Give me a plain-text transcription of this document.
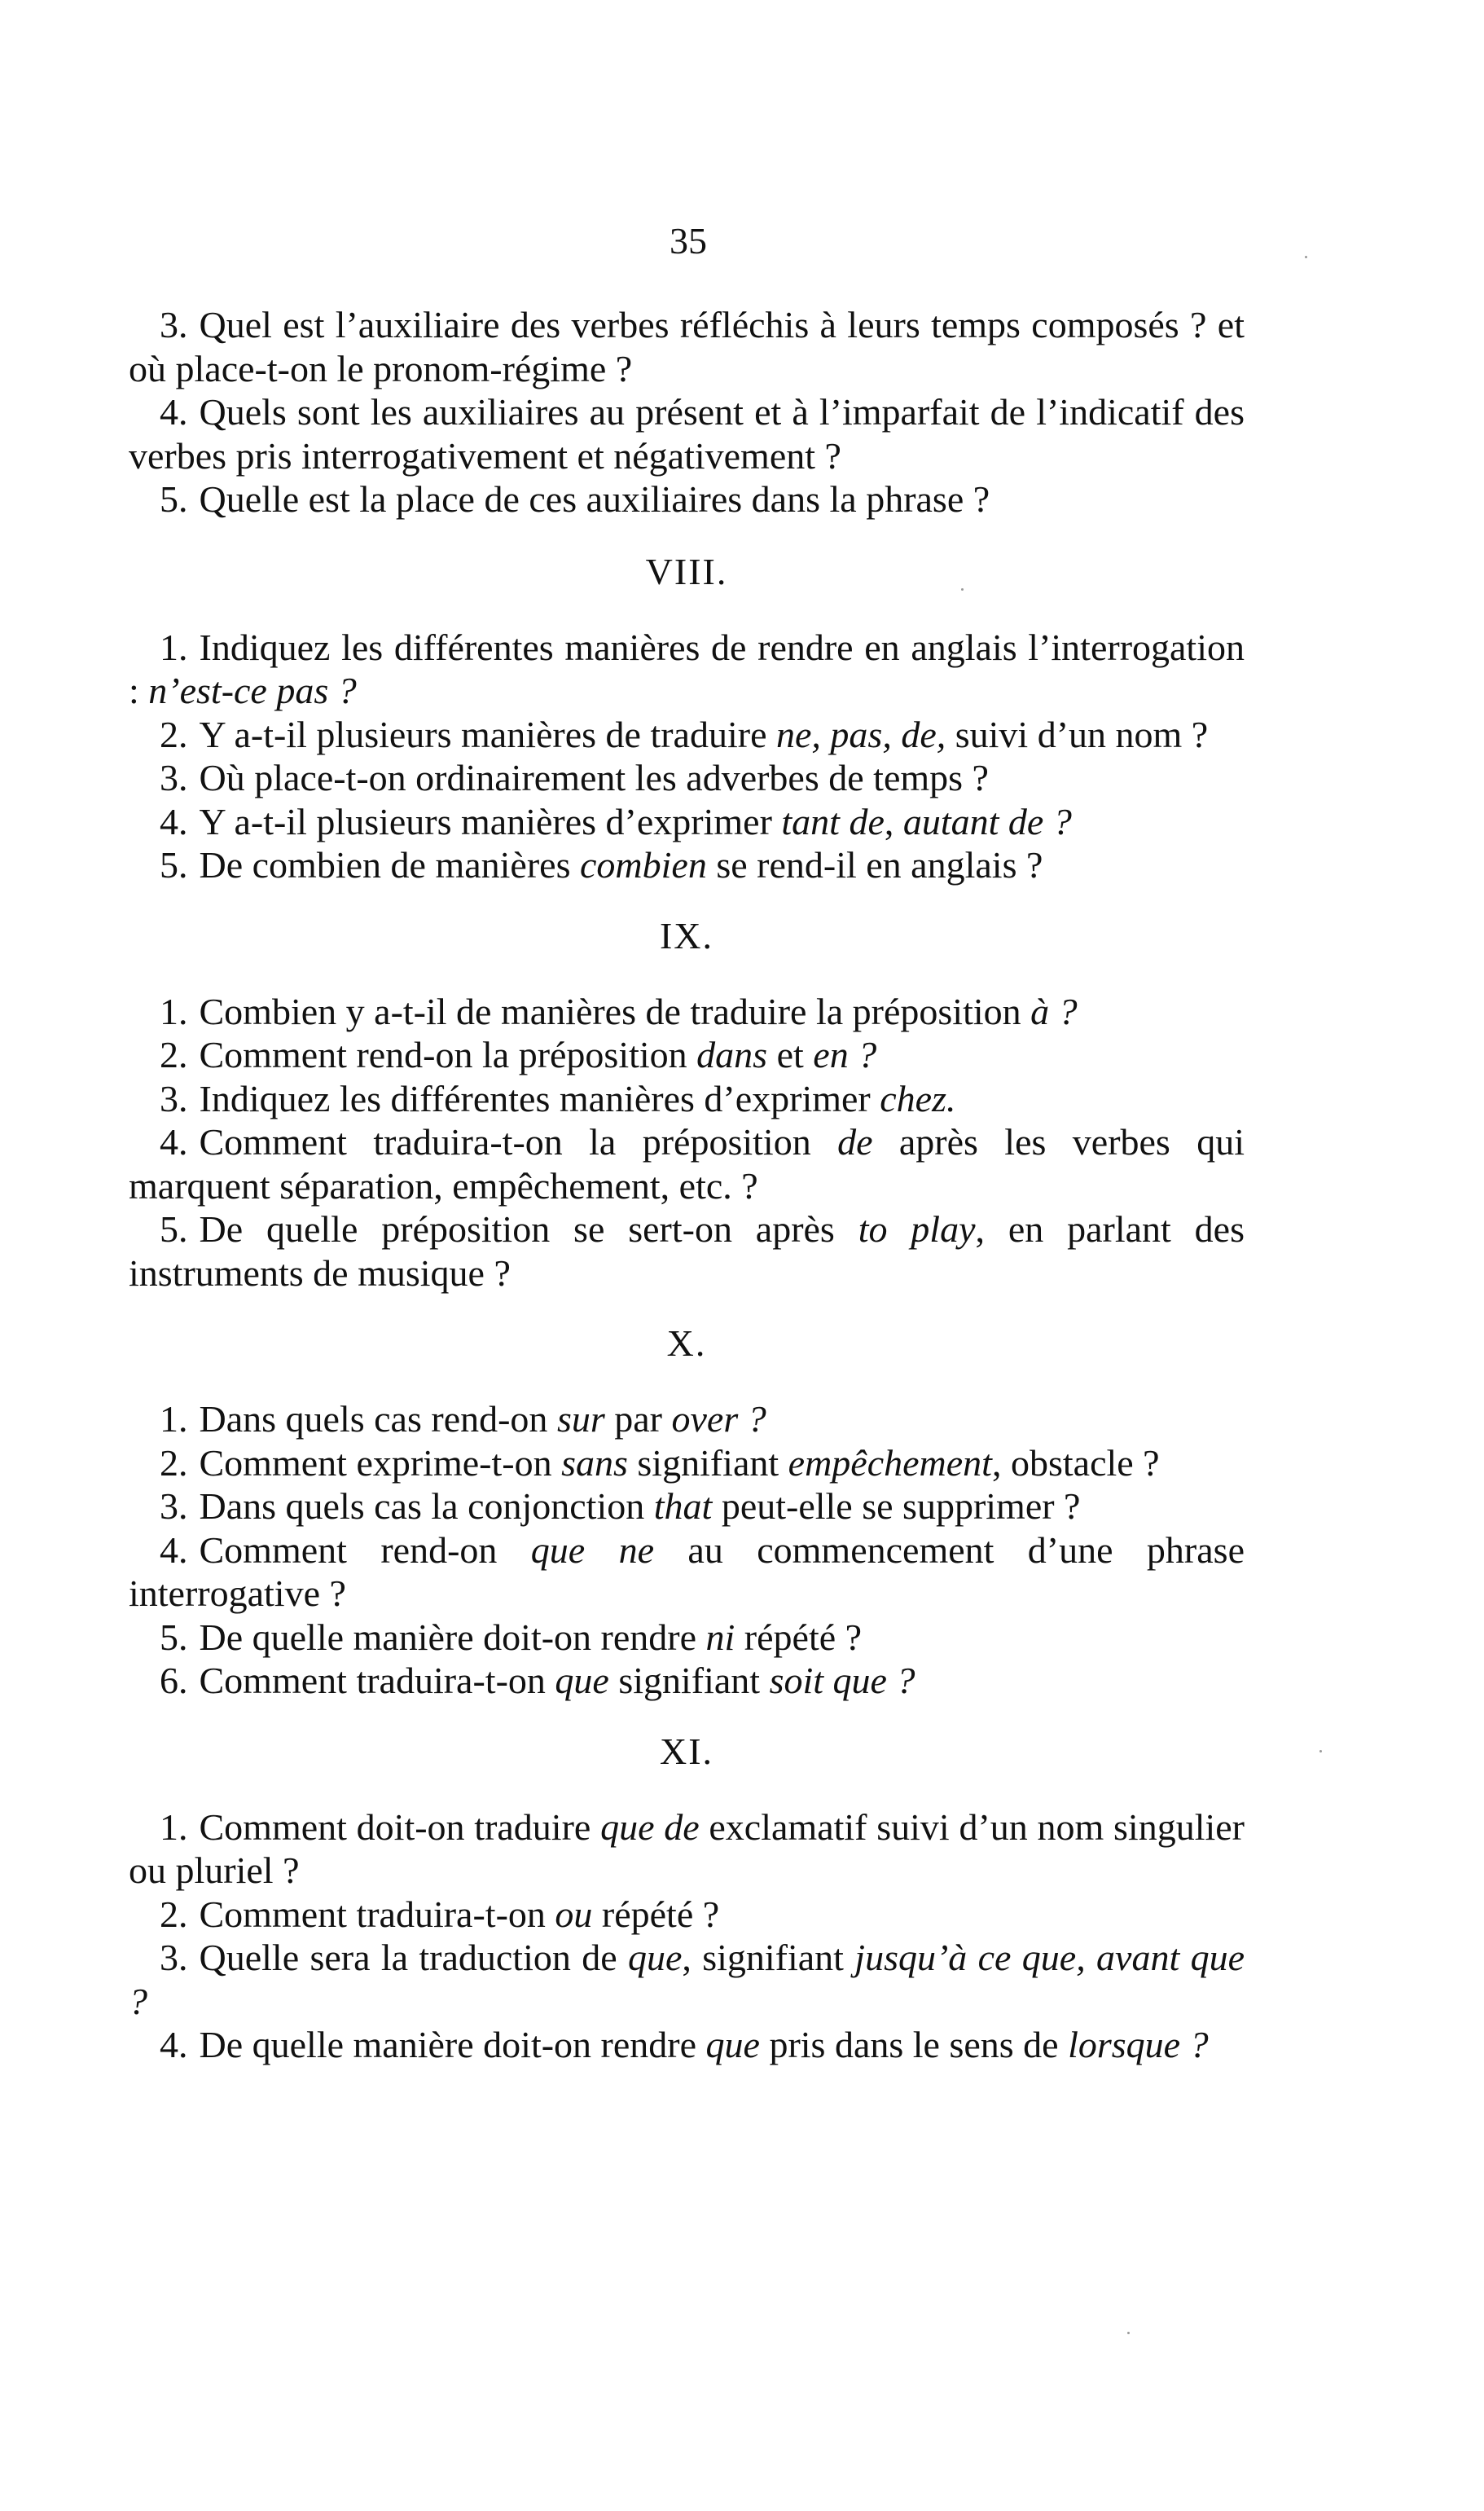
35

3. Quel est l’auxiliaire des verbes réfléchis à leurs temps composés ? et où place-t-on le pronom-régime ?

4. Quels sont les auxiliaires au présent et à l’imparfait de l’indicatif des verbes pris interrogativement et négativement ?

5. Quelle est la place de ces auxiliaires dans la phrase ?

VIII.

1. Indiquez les différentes manières de rendre en anglais l’interrogation : n’est-ce pas ?

2. Y a-t-il plusieurs manières de traduire ne, pas, de, suivi d’un nom ?

3. Où place-t-on ordinairement les adverbes de temps ?

4. Y a-t-il plusieurs manières d’exprimer tant de, autant de ?

5. De combien de manières combien se rend-il en anglais ?

IX.

1. Combien y a-t-il de manières de traduire la préposition à ?

2. Comment rend-on la préposition dans et en ?

3. Indiquez les différentes manières d’exprimer chez.

4. Comment traduira-t-on la préposition de après les verbes qui marquent séparation, empêchement, etc. ?

5. De quelle préposition se sert-on après to play, en parlant des instruments de musique ?

X.

1. Dans quels cas rend-on sur par over ?

2. Comment exprime-t-on sans signifiant empêchement, obstacle ?

3. Dans quels cas la conjonction that peut-elle se supprimer ?

4. Comment rend-on que ne au commencement d’une phrase interrogative ?

5. De quelle manière doit-on rendre ni répété ?

6. Comment traduira-t-on que signifiant soit que ?

XI.

1. Comment doit-on traduire que de exclamatif suivi d’un nom singulier ou pluriel ?

2. Comment traduira-t-on ou répété ?

3. Quelle sera la traduction de que, signifiant jusqu’à ce que, avant que ?

4. De quelle manière doit-on rendre que pris dans le sens de lorsque ?
